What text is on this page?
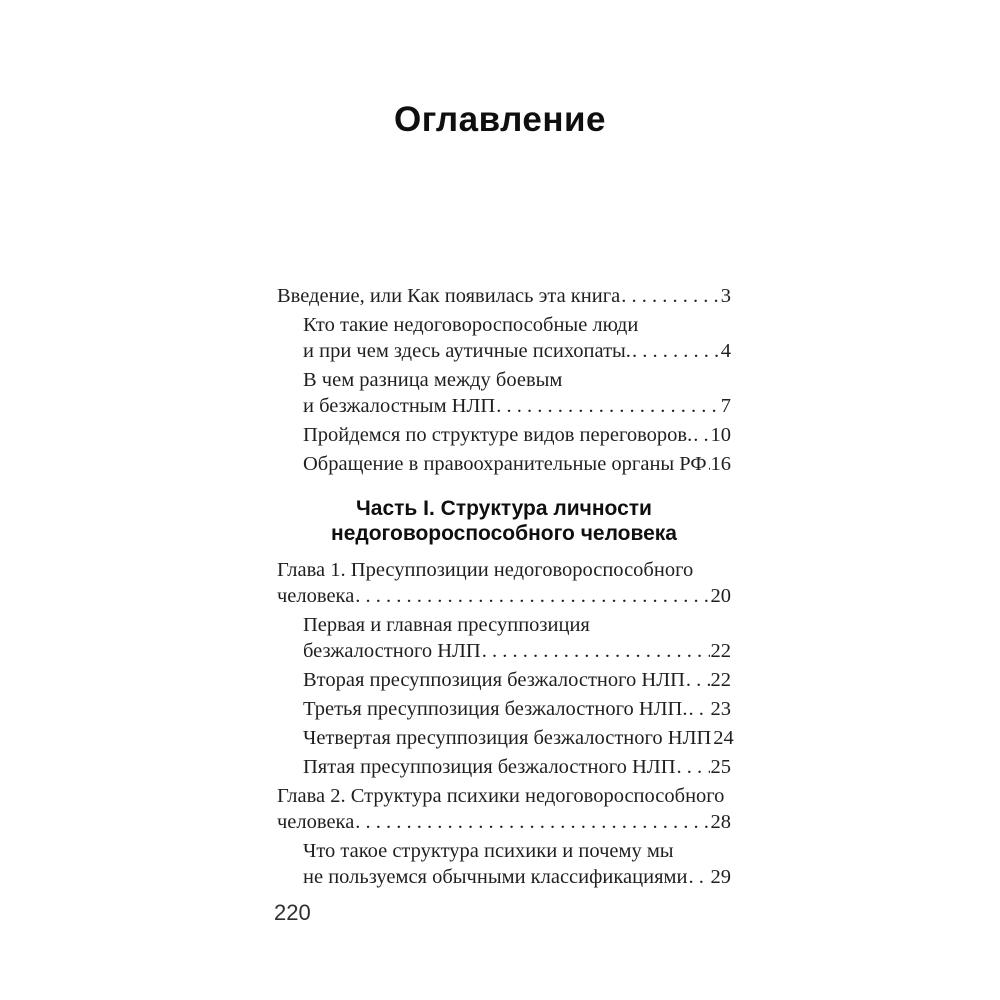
Оглавление
Введение, или Как появилась эта книга . . .	3
Кто такие недоговороспособные люди
и при чем здесь аутичные психопаты. . . .	4
В чем разница между боевым
и безжалостным НЛП . . .	7
Пройдемся по структуре видов переговоров. . . . 10
Обращение в правоохранительные органы РФ . . . 16
Часть I. Структура личности
недоговороспособного человека
Глава 1. Пресуппозиции недоговороспособного
человека . . .	20
Первая и главная пресуппозиция
безжалостного НЛП . . .	22
Вторая пресуппозиция безжалостного НЛП . . . 22
Третья пресуппозиция безжалостного НЛП. . . . 23
Четвертая пресуппозиция безжалостного НЛП 24
Пятая пресуппозиция безжалостного НЛП . . . 25
Глава 2. Структура психики недоговороспособного
человека . . .	28
Что такое структура психики и почему мы
не пользуемся обычными классификациями . . . 29
220
